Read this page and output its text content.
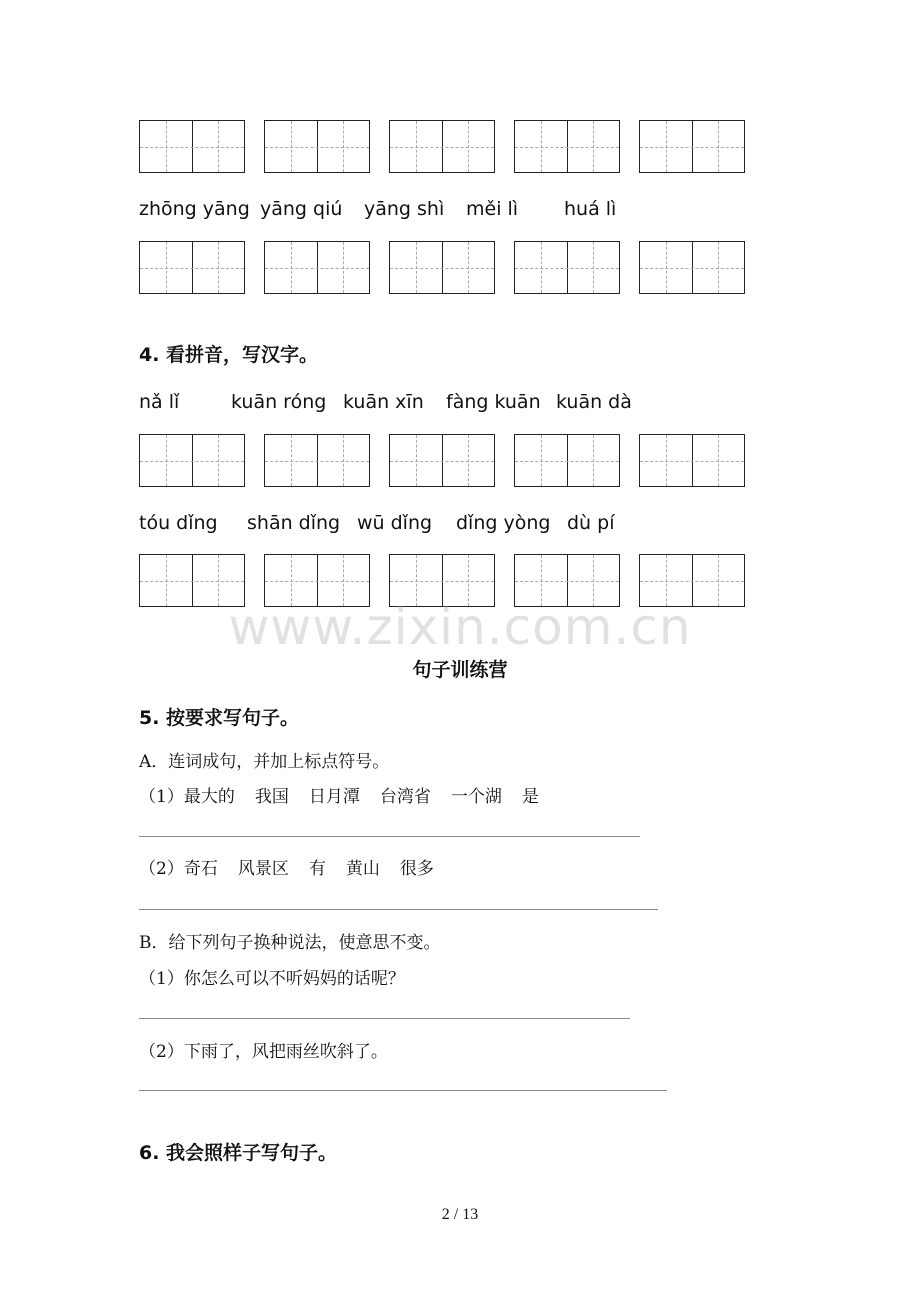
zhōng yāng yāng qiú yāng shì měi lì huá lì
4. 看拼音，写汉字。
nǎ lǐ	kuān róng kuān xīn fàng kuān kuān dà
tóu dǐng shān dǐng wū dǐng dǐng yòng dù pí
www.zixin.com.cn
句子训练营
5. 按要求写句子。
A．连词成句，并加上标点符号。
（1）最大的 我国 日月潭 台湾省 一个湖 是
（2）奇石 风景区 有 黄山 很多
B．给下列句子换种说法，使意思不变。
（1）你怎么可以不听妈妈的话呢？
（2）下雨了，风把雨丝吹斜了。
6. 我会照样子写句子。
2 / 13
